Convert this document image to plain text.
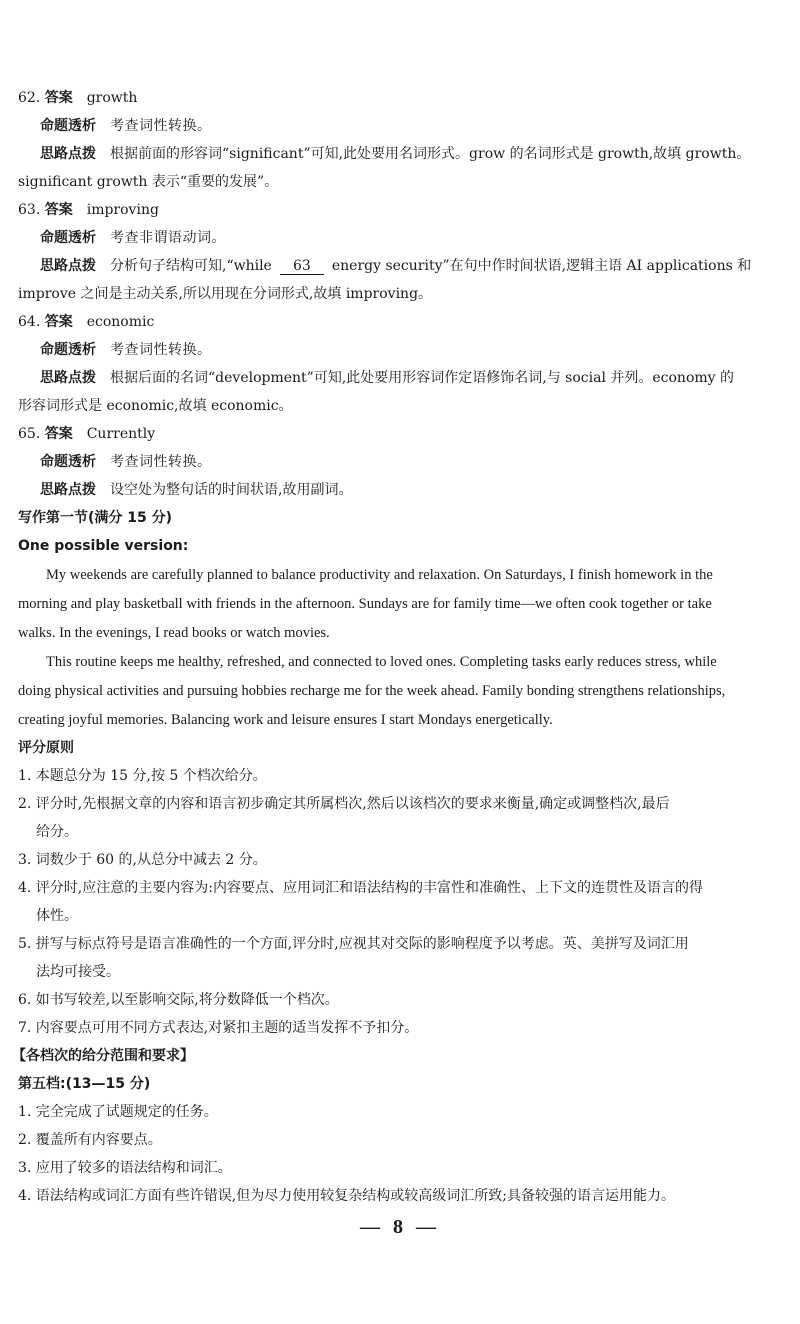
62. 答案 growth
命题透析 考查词性转换。
思路点拨 根据前面的形容词“significant”可知,此处要用名词形式。grow 的名词形式是 growth,故填 growth。
significant growth 表示“重要的发展”。
63. 答案 improving
命题透析 考查非谓语动词。
思路点拨 分析句子结构可知,“while 63 energy security”在句中作时间状语,逻辑主语 AI applications 和
improve 之间是主动关系,所以用现在分词形式,故填 improving。
64. 答案 economic
命题透析 考查词性转换。
思路点拨 根据后面的名词“development”可知,此处要用形容词作定语修饰名词,与 social 并列。economy 的
形容词形式是 economic,故填 economic。
65. 答案 Currently
命题透析 考查词性转换。
思路点拨 设空处为整句话的时间状语,故用副词。
写作第一节(满分 15 分)
One possible version:
My weekends are carefully planned to balance productivity and relaxation. On Saturdays, I finish homework in the
morning and play basketball with friends in the afternoon. Sundays are for family time—we often cook together or take
walks. In the evenings, I read books or watch movies.
This routine keeps me healthy, refreshed, and connected to loved ones. Completing tasks early reduces stress, while
doing physical activities and pursuing hobbies recharge me for the week ahead. Family bonding strengthens relationships,
creating joyful memories. Balancing work and leisure ensures I start Mondays energetically.
评分原则
1. 本题总分为 15 分,按 5 个档次给分。
2. 评分时,先根据文章的内容和语言初步确定其所属档次,然后以该档次的要求来衡量,确定或调整档次,最后
给分。
3. 词数少于 60 的,从总分中减去 2 分。
4. 评分时,应注意的主要内容为:内容要点、应用词汇和语法结构的丰富性和准确性、上下文的连贯性及语言的得
体性。
5. 拼写与标点符号是语言准确性的一个方面,评分时,应视其对交际的影响程度予以考虑。英、美拼写及词汇用
法均可接受。
6. 如书写较差,以至影响交际,将分数降低一个档次。
7. 内容要点可用不同方式表达,对紧扣主题的适当发挥不予扣分。
【各档次的给分范围和要求】
第五档:(13—15 分)
1. 完全完成了试题规定的任务。
2. 覆盖所有内容要点。
3. 应用了较多的语法结构和词汇。
4. 语法结构或词汇方面有些许错误,但为尽力使用较复杂结构或较高级词汇所致;具备较强的语言运用能力。
— 8 —
